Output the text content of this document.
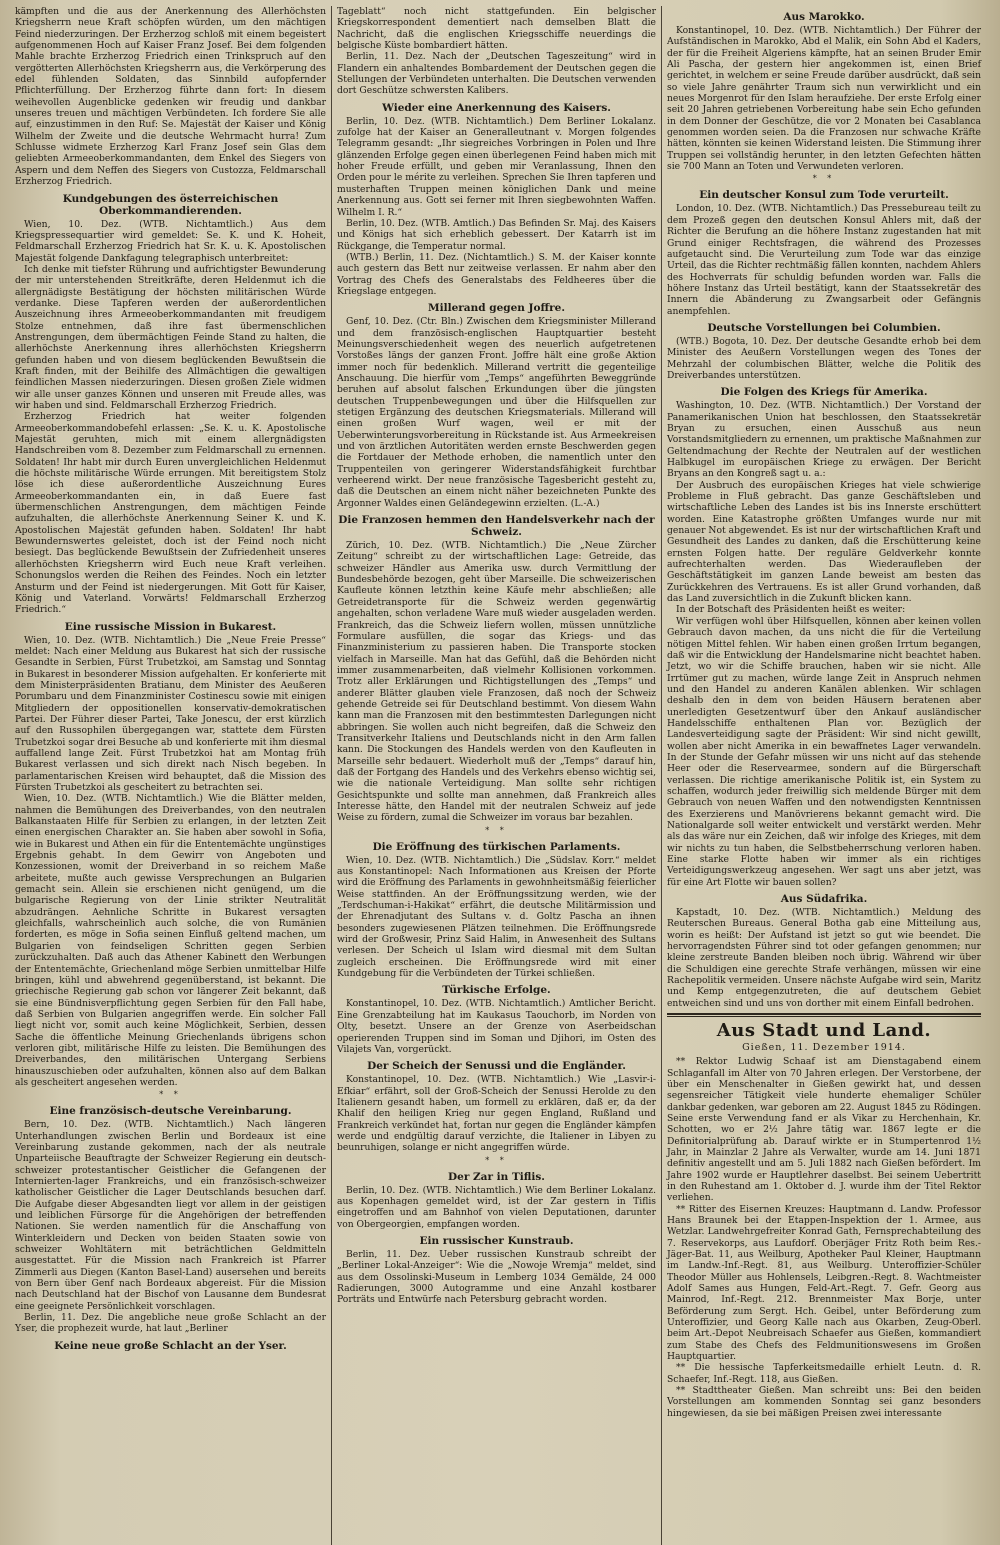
kämpften und die aus der Anerkennung des Allerhöchsten Kriegsherrn neue Kraft schöpfen würden, um den mächtigen Feind niederzuringen. Der Erzherzog schloß mit einem begeistert aufgenommenen Hoch auf Kaiser Franz Josef. Bei dem folgenden Mahle brachte Erzherzog Friedrich einen Trinkspruch auf den vergötterten Allerhöchsten Kriegsherrn aus, die Verkörperung des edel fühlenden Soldaten, das Sinnbild aufopfernder Pflichterfüllung. Der Erzherzog führte dann fort: In diesem weihevollen Augenblicke gedenken wir freudig und dankbar unseres treuen und mächtigen Verbündeten. Ich fordere Sie alle auf, einzustimmen in den Ruf: Se. Majestät der Kaiser und König Wilhelm der Zweite und die deutsche Wehrmacht hurra! Zum Schlusse widmete Erzherzog Karl Franz Josef sein Glas dem geliebten Armeeoberkommandanten, dem Enkel des Siegers von Aspern und dem Neffen des Siegers von Custozza, Feldmarschall Erzherzog Friedrich.

Kundgebungen des österreichischen Oberkommandierenden.

Wien, 10. Dez. (WTB. Nichtamtlich.) Aus dem Kriegspressequartier wird gemeldet: Se. K. und K. Hoheit, Feldmarschall Erzherzog Friedrich hat Sr. K. u. K. Apostolischen Majestät folgende Dankfagung telegraphisch unterbreitet:

Ich denke mit tiefster Rührung und aufrichtigster Bewunderung der mir unterstehenden Streitkräfte, deren Heldenmut ich die allergnädigste Bestätigung der höchsten militärischen Würde verdanke. Diese Tapferen werden der außerordentlichen Auszeichnung ihres Armeeoberkommandanten mit freudigem Stolze entnehmen, daß ihre fast übermenschlichen Anstrengungen, dem übermächtigen Feinde Stand zu halten, die allerhöchste Anerkennung ihres allerhöchsten Kriegsherrn gefunden haben und von diesem beglückenden Bewußtsein die Kraft finden, mit der Beihilfe des Allmächtigen die gewaltigen feindlichen Massen niederzuringen. Diesen großen Ziele widmen wir alle unser ganzes Können und unseren mit Freude alles, was wir haben und sind. Feldmarschall Erzherzog Friedrich.

Erzherzog Friedrich hat weiter folgenden Armeeoberkommandobefehl erlassen: „Se. K. u. K. Apostolische Majestät geruhten, mich mit einem allergnädigsten Handschreiben vom 8. Dezember zum Feldmarschall zu ernennen. Soldaten! Ihr habt mir durch Euren unvergleichlichen Heldenmut die höchste militärische Würde errungen. Mit bereitigstem Stolz löse ich diese außerordentliche Auszeichnung Eures Armeeoberkommandanten ein, in daß Euere fast übermenschlichen Anstrengungen, dem mächtigen Feinde aufzuhalten, die allerhöchste Anerkennung Seiner K. und K. Apostolischen Majestät gefunden haben. Soldaten! Ihr habt Bewundernswertes geleistet, doch ist der Feind noch nicht besiegt. Das beglückende Bewußtsein der Zufriedenheit unseres allerhöchsten Kriegsherrn wird Euch neue Kraft verleihen. Schonungslos werden die Reihen des Feindes. Noch ein letzter Ansturm und der Feind ist niedergerungen. Mit Gott für Kaiser, König und Vaterland. Vorwärts! Feldmarschall Erzherzog Friedrich.“

Eine russische Mission in Bukarest.

Wien, 10. Dez. (WTB. Nichtamtlich.) Die „Neue Freie Presse“ meldet: Nach einer Meldung aus Bukarest hat sich der russische Gesandte in Serbien, Fürst Trubetzkoi, am Samstag und Sonntag in Bukarest in besonderer Mission aufgehalten. Er konferierte mit dem Ministerpräsidenten Bratianu, dem Minister des Aeußeren Porumbaru und dem Finanzminister Costinescu sowie mit einigen Mitgliedern der oppositionellen konservativ-demokratischen Partei. Der Führer dieser Partei, Take Jonescu, der erst kürzlich auf den Russophilen übergegangen war, stattete dem Fürsten Trubetzkoi sogar drei Besuche ab und konferierte mit ihm diesmal auffallend lange Zeit. Fürst Trubetzkoi hat am Montag früh Bukarest verlassen und sich direkt nach Nisch begeben. In parlamentarischen Kreisen wird behauptet, daß die Mission des Fürsten Trubetzkoi als gescheitert zu betrachten sei.

Wien, 10. Dez. (WTB. Nichtamtlich.) Wie die Blätter melden, nahmen die Bemühungen des Dreiverbandes, von den neutralen Balkanstaaten Hilfe für Serbien zu erlangen, in der letzten Zeit einen energischen Charakter an. Sie haben aber sowohl in Sofia, wie in Bukarest und Athen ein für die Ententemächte ungünstiges Ergebnis gehabt. In dem Gewirr von Angeboten und Konzessionen, womit der Dreiverband in so reichem Maße arbeitete, mußte auch gewisse Versprechungen an Bulgarien gemacht sein. Allein sie erschienen nicht genügend, um die bulgarische Regierung von der Linie strikter Neutralität abzudrängen. Aehnliche Schritte in Bukarest versagten gleichfalls, wahrscheinlich auch solche, die von Rumänien forderten, es möge in Sofia seinen Einfluß geltend machen, um Bulgarien von feindseligen Schritten gegen Serbien zurückzuhalten. Daß auch das Athener Kabinett den Werbungen der Ententemächte, Griechenland möge Serbien unmittelbar Hilfe bringen, kühl und abwehrend gegenüberstand, ist bekannt. Die griechische Regierung gab schon vor längerer Zeit bekannt, daß sie eine Bündnisverpflichtung gegen Serbien für den Fall habe, daß Serbien von Bulgarien angegriffen werde. Ein solcher Fall liegt nicht vor, somit auch keine Möglichkeit, Serbien, dessen Sache die öffentliche Meinung Griechenlands übrigens schon verloren gibt, militärische Hilfe zu leisten. Die Bemühungen des Dreiverbandes, den militärischen Untergang Serbiens hinauszuschieben oder aufzuhalten, können also auf dem Balkan als gescheitert angesehen werden.

* *
Eine französisch-deutsche Vereinbarung.

Bern, 10. Dez. (WTB. Nichtamtlich.) Nach längeren Unterhandlungen zwischen Berlin und Bordeaux ist eine Vereinbarung zustande gekommen, nach der als neutrale Unparteiische Beauftragte der Schweizer Regierung ein deutsch-schweizer protestantischer Geistlicher die Gefangenen der Internierten-lager Frankreichs, und ein französisch-schweizer katholischer Geistlicher die Lager Deutschlands besuchen darf. Die Aufgabe dieser Abgesandten liegt vor allem in der geistigen und leiblichen Fürsorge für die Angehörigen der betreffenden Nationen. Sie werden namentlich für die Anschaffung von Winterkleidern und Decken von beiden Staaten sowie von schweizer Wohltätern mit beträchtlichen Geldmitteln ausgestattet. Für die Mission nach Frankreich ist Pfarrer Zimmerli aus Diegen (Kanton Basel-Land) ausersehen und bereits von Bern über Genf nach Bordeaux abgereist. Für die Mission nach Deutschland hat der Bischof von Lausanne dem Bundesrat eine geeignete Persönlichkeit vorschlagen.

Berlin, 11. Dez. Die angebliche neue große Schlacht an der Yser, die prophezeit wurde, hat laut „Berliner

Keine neue große Schlacht an der Yser.

Tageblatt“ noch nicht stattgefunden. Ein belgischer Kriegskorrespondent dementiert nach demselben Blatt die Nachricht, daß die englischen Kriegsschiffe neuerdings die belgische Küste bombardiert hätten.

Berlin, 11. Dez. Nach der „Deutschen Tageszeitung“ wird in Flandern ein anhaltendes Bombardement der Deutschen gegen die Stellungen der Verbündeten unterhalten. Die Deutschen verwenden dort Geschütze schwersten Kalibers.

Wieder eine Anerkennung des Kaisers.

Berlin, 10. Dez. (WTB. Nichtamtlich.) Dem Berliner Lokalanz. zufolge hat der Kaiser an Generalleutnant v. Morgen folgendes Telegramm gesandt: „Ihr siegreiches Vorbringen in Polen und Ihre glänzenden Erfolge gegen einen überlegenen Feind haben mich mit hoher Freude erfüllt, und geben mir Veranlassung, Ihnen den Orden pour le mérite zu verleihen. Sprechen Sie Ihren tapferen und musterhaften Truppen meinen königlichen Dank und meine Anerkennung aus. Gott sei ferner mit Ihren siegbewohnten Waffen. Wilhelm I. R.“

Berlin, 10. Dez. (WTB. Amtlich.) Das Befinden Sr. Maj. des Kaisers und Königs hat sich erheblich gebessert. Der Katarrh ist im Rückgange, die Temperatur normal.

(WTB.) Berlin, 11. Dez. (Nichtamtlich.) S. M. der Kaiser konnte auch gestern das Bett nur zeitweise verlassen. Er nahm aber den Vortrag des Chefs des Generalstabs des Feldheeres über die Kriegslage entgegen.

Millerand gegen Joffre.

Genf, 10. Dez. (Ctr. Bln.) Zwischen dem Kriegsminister Millerand und dem französisch-englischen Hauptquartier besteht Meinungsverschiedenheit wegen des neuerlich aufgetretenen Vorstoßes längs der ganzen Front. Joffre hält eine große Aktion immer noch für bedenklich. Millerand vertritt die gegenteilige Anschauung. Die hierfür vom „Temps“ angeführten Beweggründe beruhen auf absolut falschen Erkundungen über die jüngsten deutschen Truppenbewegungen und über die Hilfsquellen zur stetigen Ergänzung des deutschen Kriegsmaterials. Millerand will einen großen Wurf wagen, weil er mit der Ueberwinterungsvorbereitung in Rückstande ist. Aus Armeekreisen und von ärztlichen Autoritäten werden ernste Beschwerden gegen die Fortdauer der Methode erhoben, die namentlich unter den Truppenteilen von geringerer Widerstandsfähigkeit furchtbar verheerend wirkt. Der neue französische Tagesbericht gesteht zu, daß die Deutschen an einem nicht näher bezeichneten Punkte des Argonner Waldes einen Geländegewinn erzielten. (L.-A.)

Die Franzosen hemmen den Handelsverkehr nach der Schweiz.

Zürich, 10. Dez. (WTB. Nichtamtlich.) Die „Neue Zürcher Zeitung“ schreibt zu der wirtschaftlichen Lage: Getreide, das schweizer Händler aus Amerika usw. durch Vermittlung der Bundesbehörde bezogen, geht über Marseille. Die schweizerischen Kaufleute können letzthin keine Käufe mehr abschließen; alle Getreidetransporte für die Schweiz werden gegenwärtig angehalten, schon verladene Ware muß wieder ausgeladen werden. Frankreich, das die Schweiz liefern wollen, müssen unnützliche Formulare ausfüllen, die sogar das Kriegs- und das Finanzministerium zu passieren haben. Die Transporte stocken vielfach in Marseille. Man hat das Gefühl, daß die Behörden nicht immer zusammenarbeiten, daß vielmehr Kollisionen vorkommen. Trotz aller Erklärungen und Richtigstellungen des „Temps“ und anderer Blätter glauben viele Franzosen, daß noch der Schweiz gehende Getreide sei für Deutschland bestimmt. Von diesem Wahn kann man die Franzosen mit den bestimmtesten Darlegungen nicht abbringen. Sie wollen auch nicht begreifen, daß die Schweiz den Transitverkehr Italiens und Deutschlands nicht in den Arm fallen kann. Die Stockungen des Handels werden von den Kaufleuten in Marseille sehr bedauert. Wiederholt muß der „Temps“ darauf hin, daß der Fortgang des Handels und des Verkehrs ebenso wichtig sei, wie die nationale Verteidigung. Man sollte sehr richtigen Gesichtspunkte und sollte man annehmen, daß Frankreich alles Interesse hätte, den Handel mit der neutralen Schweiz auf jede Weise zu fördern, zumal die Schweizer im voraus bar bezahlen.

* *
Die Eröffnung des türkischen Parlaments.

Wien, 10. Dez. (WTB. Nichtamtlich.) Die „Südslav. Korr.“ meldet aus Konstantinopel: Nach Informationen aus Kreisen der Pforte wird die Eröffnung des Parlaments in gewohnheitsmäßig feierlicher Weise stattfinden. An der Eröffnungssitzung werden, wie der „Terdschuman-i-Hakikat“ erfährt, die deutsche Militärmission und der Ehrenadjutant des Sultans v. d. Goltz Pascha an ihnen besonders zugewiesenen Plätzen teilnehmen. Die Eröffnungsrede wird der Großwesir, Prinz Said Halim, in Anwesenheit des Sultans verlesen. Der Scheich ul Islam wird diesmal mit dem Sultan zugleich erscheinen. Die Eröffnungsrede wird mit einer Kundgebung für die Verbündeten der Türkei schließen.

Türkische Erfolge.

Konstantinopel, 10. Dez. (WTB. Nichtamtlich.) Amtlicher Bericht. Eine Grenzabteilung hat im Kaukasus Taouchorb, im Norden von Olty, besetzt. Unsere an der Grenze von Aserbeidschan operierenden Truppen sind im Soman und Djihori, im Osten des Vilajets Van, vorgerückt.

Der Scheich der Senussi und die Engländer.

Konstantinopel, 10. Dez. (WTB. Nichtamtlich.) Wie „Lasvir-i-Efkiar“ erfährt, soll der Groß-Scheich der Senussi Herolde zu den Italienern gesandt haben, um formell zu erklären, daß er, da der Khalif den heiligen Krieg nur gegen England, Rußland und Frankreich verkündet hat, fortan nur gegen die Engländer kämpfen werde und endgültig darauf verzichte, die Italiener in Libyen zu beunruhigen, solange er nicht angegriffen würde.

* *
Der Zar in Tiflis.

Berlin, 10. Dez. (WTB. Nichtamtlich.) Wie dem Berliner Lokalanz. aus Kopenhagen gemeldet wird, ist der Zar gestern in Tiflis eingetroffen und am Bahnhof von vielen Deputationen, darunter von Obergeorgien, empfangen worden.

Ein russischer Kunstraub.

Berlin, 11. Dez. Ueber russischen Kunstraub schreibt der „Berliner Lokal-Anzeiger“: Wie die „Nowoje Wremja“ meldet, sind aus dem Ossolinski-Museum in Lemberg 1034 Gemälde, 24 000 Radierungen, 3000 Autogramme und eine Anzahl kostbarer Porträts und Entwürfe nach Petersburg gebracht worden.

Aus Marokko.

Konstantinopel, 10. Dez. (WTB. Nichtamtlich.) Der Führer der Aufständischen in Marokko, Abd el Malik, ein Sohn Abd el Kaders, der für die Freiheit Algeriens kämpfte, hat an seinen Bruder Emir Ali Pascha, der gestern hier angekommen ist, einen Brief gerichtet, in welchem er seine Freude darüber ausdrückt, daß sein so viele Jahre genährter Traum sich nun verwirklicht und ein neues Morgenrot für den Islam heraufziehe. Der erste Erfolg einer seit 20 Jahren getriebenen Vorbereitung habe sein Echo gefunden in dem Donner der Geschütze, die vor 2 Monaten bei Casablanca genommen worden seien. Da die Franzosen nur schwache Kräfte hätten, könnten sie keinen Widerstand leisten. Die Stimmung ihrer Truppen sei vollständig herunter, in den letzten Gefechten hätten sie 700 Mann an Toten und Verwundeten verloren.

* *
Ein deutscher Konsul zum Tode verurteilt.

London, 10. Dez. (WTB. Nichtamtlich.) Das Pressebureau teilt zu dem Prozeß gegen den deutschen Konsul Ahlers mit, daß der Richter die Berufung an die höhere Instanz zugestanden hat mit Grund einiger Rechtsfragen, die während des Prozesses aufgetaucht sind. Die Verurteilung zum Tode war das einzige Urteil, das die Richter rechtmäßig fällen konnten, nachdem Ahlers des Hochverrats für schuldig befunden worden war. Falls die höhere Instanz das Urteil bestätigt, kann der Staatssekretär des Innern die Abänderung zu Zwangsarbeit oder Gefängnis anempfehlen.

Deutsche Vorstellungen bei Columbien.

(WTB.) Bogota, 10. Dez. Der deutsche Gesandte erhob bei dem Minister des Aeußern Vorstellungen wegen des Tones der Mehrzahl der columbischen Blätter, welche die Politik des Dreiverbandes unterstützen.

Die Folgen des Kriegs für Amerika.

Washington, 10. Dez. (WTB. Nichtamtlich.) Der Vorstand der Panamerikanischen Union hat beschlossen, den Staatssekretär Bryan zu ersuchen, einen Ausschuß aus neun Vorstandsmitgliedern zu ernennen, um praktische Maßnahmen zur Geltendmachung der Rechte der Neutralen auf der westlichen Halbkugel im europäischen Kriege zu erwägen. Der Bericht Bryans an den Kongreß sagt u. a.:

Der Ausbruch des europäischen Krieges hat viele schwierige Probleme in Fluß gebracht. Das ganze Geschäftsleben und wirtschaftliche Leben des Landes ist bis ins Innerste erschüttert worden. Eine Katastrophe größten Umfanges wurde nur mit genauer Not abgewendet. Es ist nur der wirtschaftlichen Kraft und Gesundheit des Landes zu danken, daß die Erschütterung keine ernsten Folgen hatte. Der reguläre Geldverkehr konnte aufrechterhalten werden. Das Wiederaufleben der Geschäftstätigkeit im ganzen Lande beweist am besten das Zurückkehren des Vertrauens. Es ist aller Grund vorhanden, daß das Land zuversichtlich in die Zukunft blicken kann.

In der Botschaft des Präsidenten heißt es weiter:

Wir verfügen wohl über Hilfsquellen, können aber keinen vollen Gebrauch davon machen, da uns nicht die für die Verteilung nötigen Mittel fehlen. Wir haben einen großen Irrtum begangen, daß wir die Entwicklung der Handelsmarine nicht beachtet haben. Jetzt, wo wir die Schiffe brauchen, haben wir sie nicht. Alle Irrtümer gut zu machen, würde lange Zeit in Anspruch nehmen und den Handel zu anderen Kanälen ablenken. Wir schlagen deshalb den in dem von beiden Häusern beratenen aber unerledigten Gesetzentwurf über den Ankauf ausländischer Handelsschiffe enthaltenen Plan vor. Bezüglich der Landesverteidigung sagte der Präsident: Wir sind nicht gewillt, wollen aber nicht Amerika in ein bewaffnetes Lager verwandeln. In der Stunde der Gefahr müssen wir uns nicht auf das stehende Heer oder die Reservearmee, sondern auf die Bürgerschaft verlassen. Die richtige amerikanische Politik ist, ein System zu schaffen, wodurch jeder freiwillig sich meldende Bürger mit dem Gebrauch von neuen Waffen und den notwendigsten Kenntnissen des Exerzierens und Manövrierens bekannt gemacht wird. Die Nationalgarde soll weiter entwickelt und verstärkt werden. Mehr als das wäre nur ein Zeichen, daß wir infolge des Krieges, mit dem wir nichts zu tun haben, die Selbstbeherrschung verloren haben. Eine starke Flotte haben wir immer als ein richtiges Verteidigungswerkzeug angesehen. Wer sagt uns aber jetzt, was für eine Art Flotte wir bauen sollen?

Aus Südafrika.

Kapstadt, 10. Dez. (WTB. Nichtamtlich.) Meldung des Reuterschen Bureaus. General Botha gab eine Mitteilung aus, worin es heißt: Der Aufstand ist jetzt so gut wie beendet. Die hervorragendsten Führer sind tot oder gefangen genommen; nur kleine zerstreute Banden bleiben noch übrig. Während wir über die Schuldigen eine gerechte Strafe verhängen, müssen wir eine Rachepolitik vermeiden. Unsere nächste Aufgabe wird sein, Maritz und Kemp entgegenzutreten, die auf deutschem Gebiet entweichen sind und uns von dorther mit einem Einfall bedrohen.

Aus Stadt und Land.
Gießen, 11. Dezember 1914.

** Rektor Ludwig Schaaf ist am Dienstagabend einem Schlaganfall im Alter von 70 Jahren erlegen. Der Verstorbene, der über ein Menschenalter in Gießen gewirkt hat, und dessen segensreicher Tätigkeit viele hunderte ehemaliger Schüler dankbar gedenken, war geboren am 22. August 1845 zu Rödingen. Seine erste Verwendung fand er als Vikar zu Herchenhain, Kr. Schotten, wo er 2½ Jahre tätig war. 1867 legte er die Definitorialprüfung ab. Darauf wirkte er in Stumpertenrod 1½ Jahr, in Mainzlar 2 Jahre als Verwalter, wurde am 14. Juni 1871 definitiv angestellt und am 5. Juli 1882 nach Gießen befördert. Im Jahre 1902 wurde er Hauptlehrer daselbst. Bei seinem Uebertritt in den Ruhestand am 1. Oktober d. J. wurde ihm der Titel Rektor verliehen.

** Ritter des Eisernen Kreuzes: Hauptmann d. Landw. Professor Hans Braunek bei der Etappen-Inspektion der 1. Armee, aus Wetzlar. Landwehrgefreiter Konrad Gath, Fernsprechabteilung des 7. Reservekorps, aus Laufdorf. Oberjäger Fritz Roth beim Res.-Jäger-Bat. 11, aus Weilburg, Apotheker Paul Kleiner, Hauptmann im Landw.-Inf.-Regt. 81, aus Weilburg. Unteroffizier-Schüler Theodor Müller aus Hohlensels, Leibgren.-Regt. 8. Wachtmeister Adolf Sames aus Hungen, Feld-Art.-Regt. 7. Gefr. Georg aus Mainrod, Inf.-Regt. 212. Brennmeister Max Borje, unter Beförderung zum Sergt. Hch. Geibel, unter Beförderung zum Unteroffizier, und Georg Kalle nach aus Okarben, Zeug-Oberl. beim Art.-Depot Neubreisach Schaefer aus Gießen, kommandiert zum Stabe des Chefs des Feldmunitionswesens im Großen Hauptquartier.

** Die hessische Tapferkeitsmedaille erhielt Leutn. d. R. Schaefer, Inf.-Regt. 118, aus Gießen.

** Stadttheater Gießen. Man schreibt uns: Bei den beiden Vorstellungen am kommenden Sonntag sei ganz besonders hingewiesen, da sie bei mäßigen Preisen zwei interessante
